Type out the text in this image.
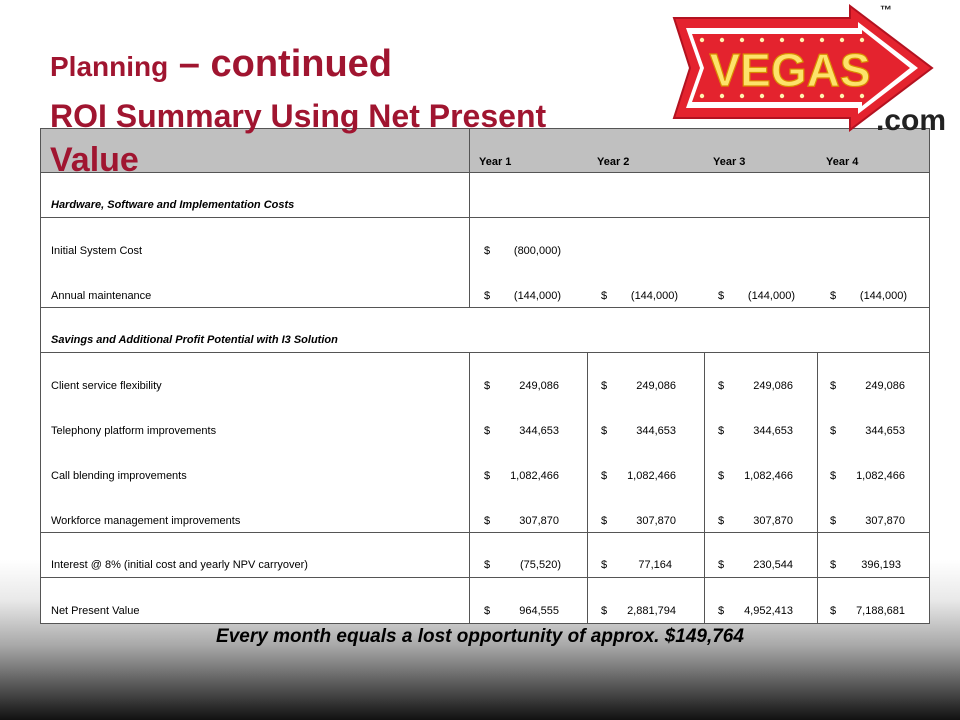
Planning – continued
ROI Summary Using Net Present
Value
VEGAS
™
.com
Year 1	Year 2	Year 3	Year 4
Hardware, Software and Implementation Costs
Initial System Cost	$	(800,000)
Annual maintenance	$	(144,000)	$	(144,000)	$	(144,000)	$	(144,000)
Savings and Additional Profit Potential with I3 Solution
Client service flexibility	$	249,086	$	249,086	$	249,086	$	249,086
Telephony platform improvements	$	344,653	$	344,653	$	344,653	$	344,653
Call blending improvements	$	1,082,466	$	1,082,466	$	1,082,466	$	1,082,466
Workforce management improvements	$	307,870	$	307,870	$	307,870	$	307,870
Interest @ 8% (initial cost and yearly NPV carryover)	$	(75,520)	$	77,164	$	230,544	$	396,193
Net Present Value	$	964,555	$	2,881,794	$	4,952,413	$	7,188,681
Every month equals a lost opportunity of approx. $149,764
